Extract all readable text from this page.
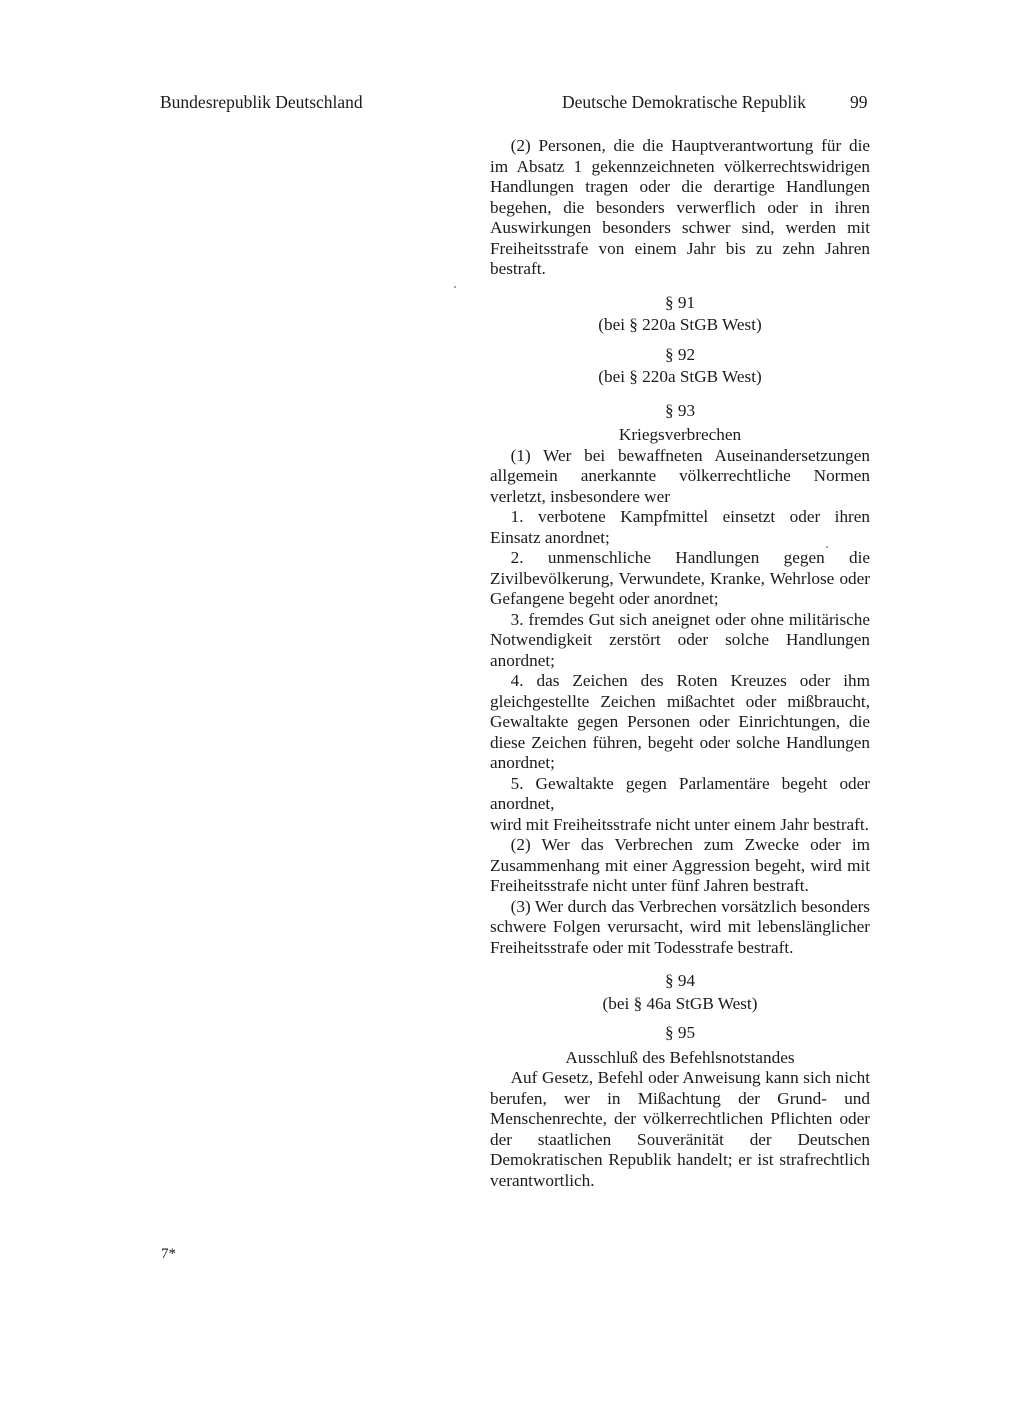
Bundesrepublik Deutschland	Deutsche Demokratische Republik	99

(2) Personen, die die Hauptverantwortung für die im Absatz 1 gekennzeichneten völkerrechtswidrigen Handlungen tragen oder die derartige Handlungen begehen, die besonders verwerflich oder in ihren Auswirkungen besonders schwer sind, werden mit Freiheitsstrafe von einem Jahr bis zu zehn Jahren bestraft.

§ 91

(bei § 220a StGB West)

§ 92

(bei § 220a StGB West)

§ 93

Kriegsverbrechen

(1) Wer bei bewaffneten Auseinandersetzungen allgemein anerkannte völkerrechtliche Normen verletzt, insbesondere wer

1. verbotene Kampfmittel einsetzt oder ihren Einsatz anordnet;

2. unmenschliche Handlungen gegen die Zivilbevölkerung, Verwundete, Kranke, Wehrlose oder Gefangene begeht oder anordnet;

3. fremdes Gut sich aneignet oder ohne militärische Notwendigkeit zerstört oder solche Handlungen anordnet;

4. das Zeichen des Roten Kreuzes oder ihm gleichgestellte Zeichen mißachtet oder mißbraucht, Gewaltakte gegen Personen oder Einrichtungen, die diese Zeichen führen, begeht oder solche Handlungen anordnet;

5. Gewaltakte gegen Parlamentäre begeht oder anordnet,

wird mit Freiheitsstrafe nicht unter einem Jahr bestraft.

(2) Wer das Verbrechen zum Zwecke oder im Zusammenhang mit einer Aggression begeht, wird mit Freiheitsstrafe nicht unter fünf Jahren bestraft.

(3) Wer durch das Verbrechen vorsätzlich besonders schwere Folgen verursacht, wird mit lebenslänglicher Freiheitsstrafe oder mit Todesstrafe bestraft.

§ 94

(bei § 46a StGB West)

§ 95

Ausschluß des Befehlsnotstandes

Auf Gesetz, Befehl oder Anweisung kann sich nicht berufen, wer in Mißachtung der Grund- und Menschenrechte, der völkerrechtlichen Pflichten oder der staatlichen Souveränität der Deutschen Demokratischen Republik handelt; er ist strafrechtlich verantwortlich.

7*
